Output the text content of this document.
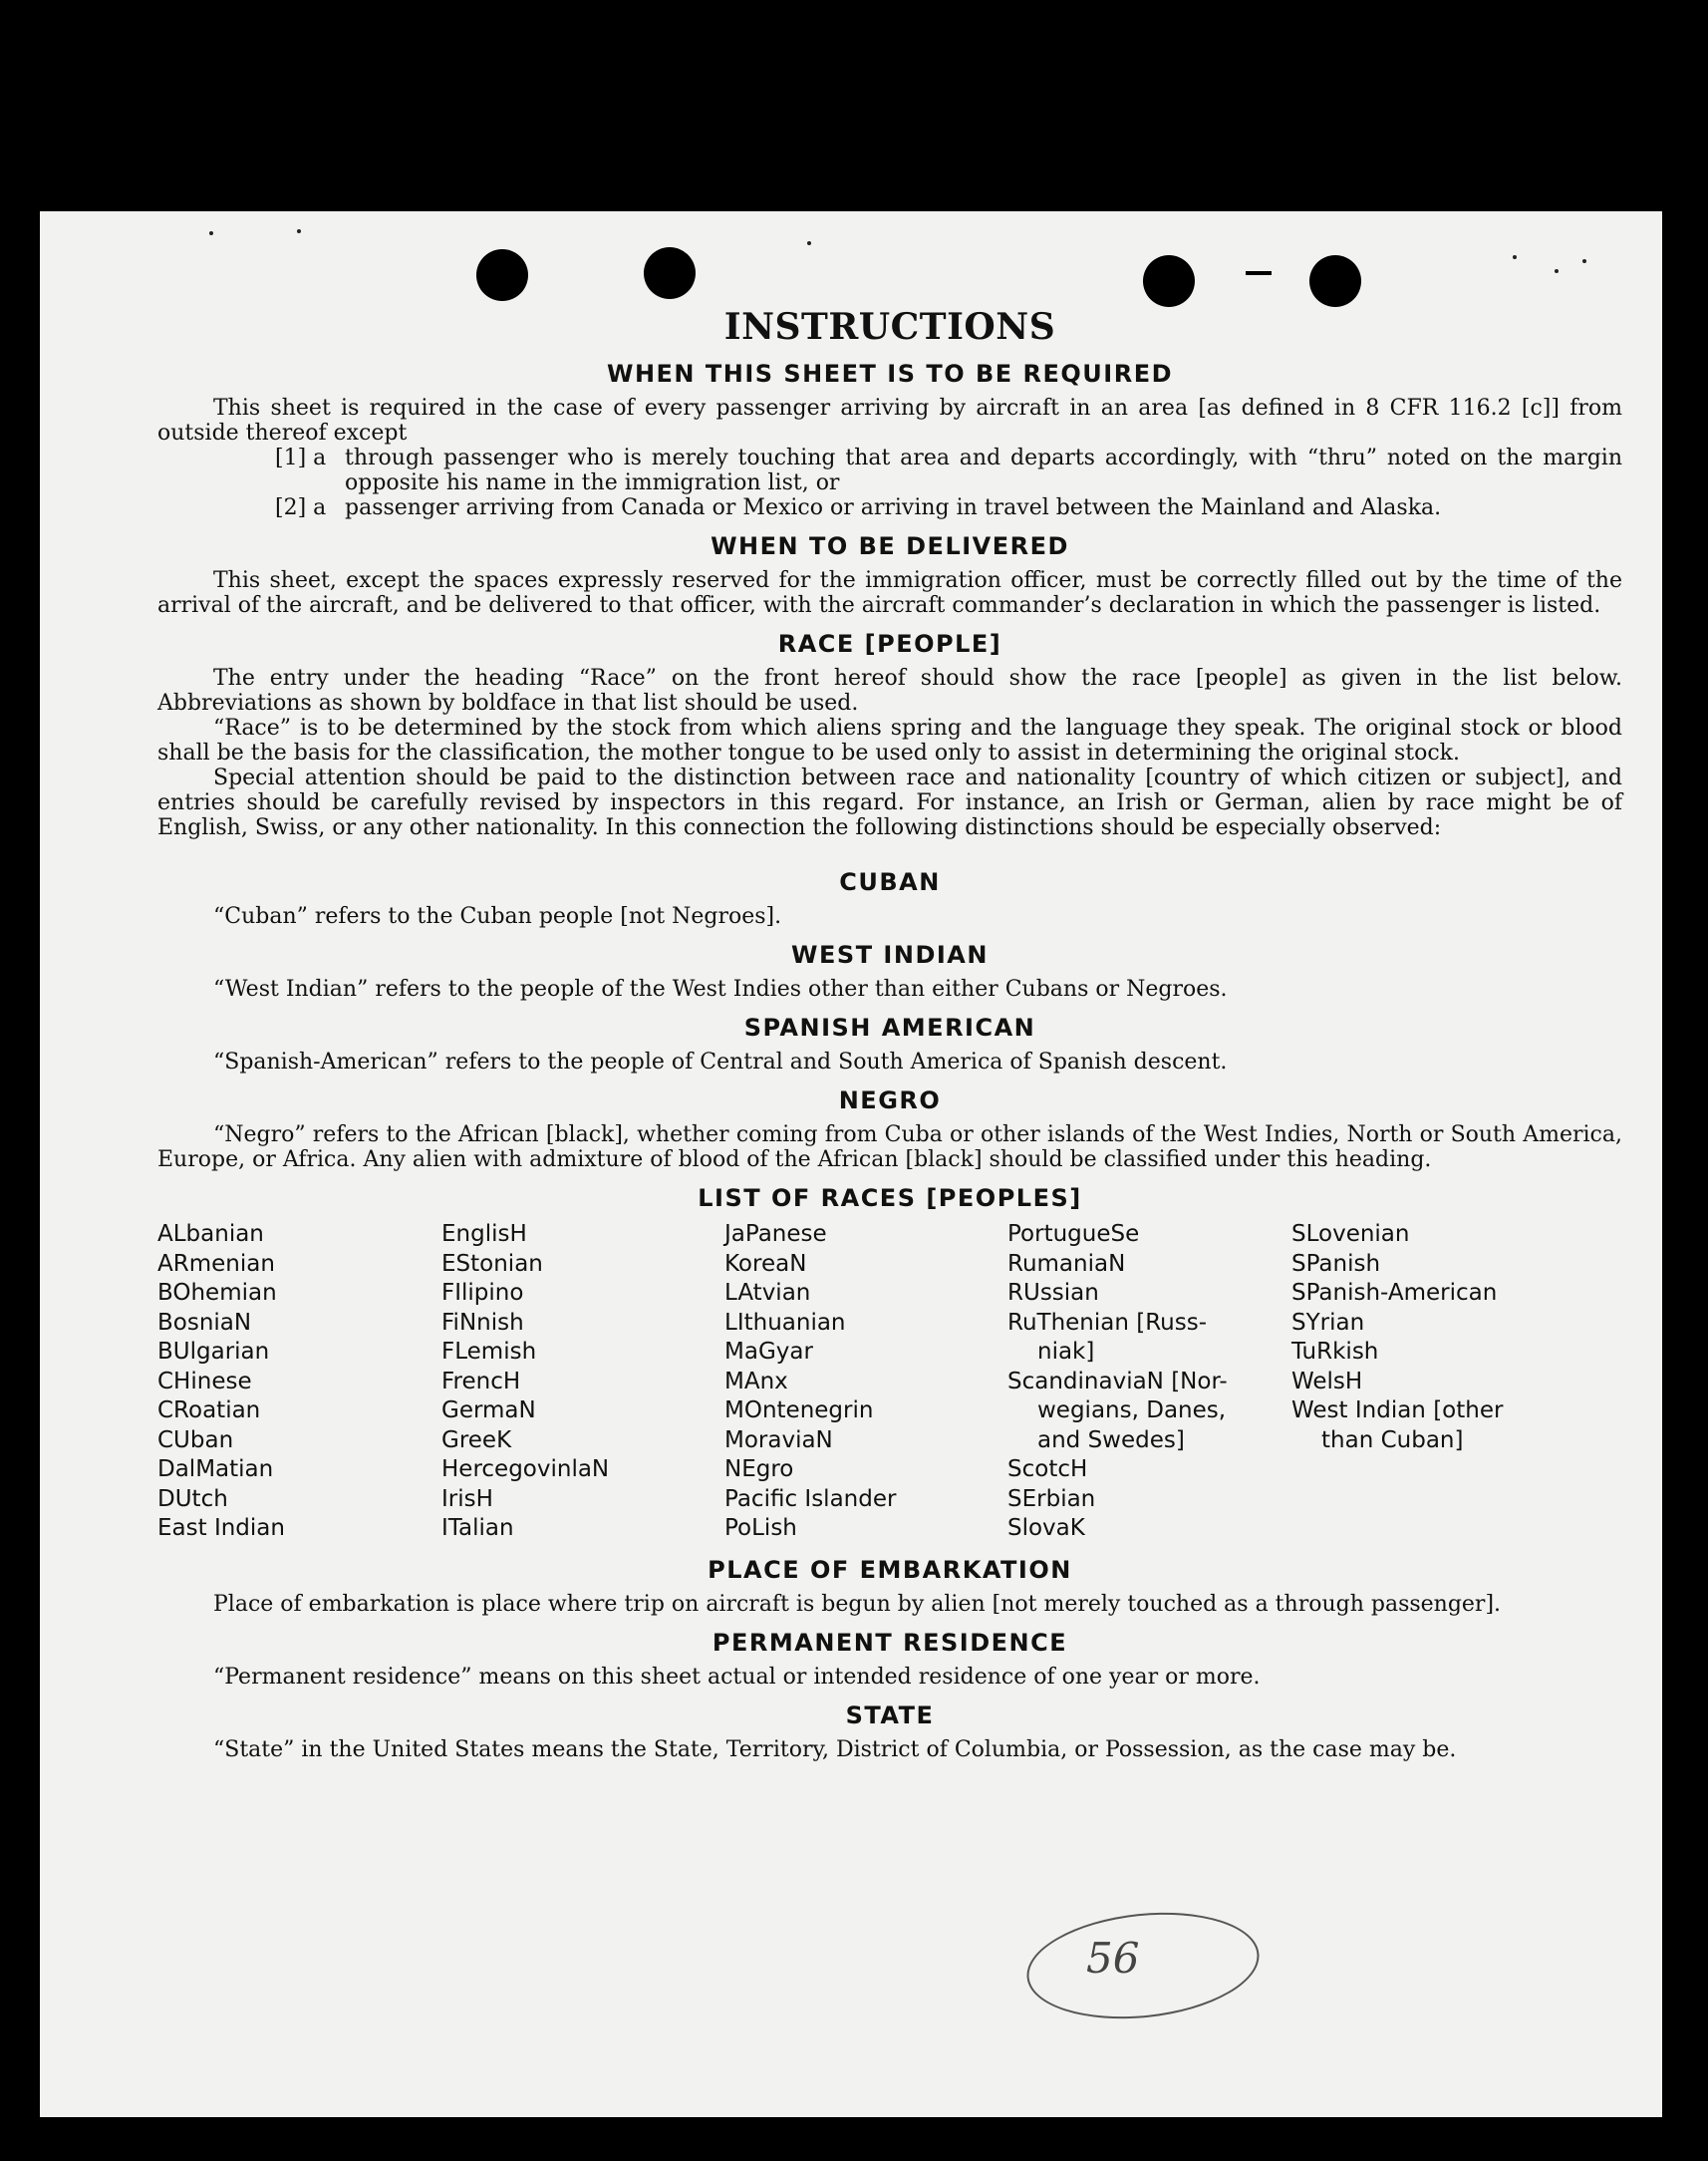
INSTRUCTIONS
WHEN THIS SHEET IS TO BE REQUIRED

This sheet is required in the case of every passenger arriving by aircraft in an area [as defined in 8 CFR 116.2 [c]] from outside thereof except

[1] a through passenger who is merely touching that area and departs accordingly, with “thru” noted on the margin opposite his name in the immigration list, or
[2] a passenger arriving from Canada or Mexico or arriving in travel between the Mainland and Alaska.
WHEN TO BE DELIVERED

This sheet, except the spaces expressly reserved for the immigration officer, must be correctly filled out by the time of the arrival of the aircraft, and be delivered to that officer, with the aircraft commander’s declaration in which the passenger is listed.

RACE [PEOPLE]

The entry under the heading “Race” on the front hereof should show the race [people] as given in the list below. Abbreviations as shown by boldface in that list should be used.

“Race” is to be determined by the stock from which aliens spring and the language they speak. The original stock or blood shall be the basis for the classification, the mother tongue to be used only to assist in determining the original stock.

Special attention should be paid to the distinction between race and nationality [country of which citizen or subject], and entries should be carefully revised by inspectors in this regard. For instance, an Irish or German, alien by race might be of English, Swiss, or any other nationality. In this connection the following distinctions should be especially observed:

CUBAN

“Cuban” refers to the Cuban people [not Negroes].

WEST INDIAN

“West Indian” refers to the people of the West Indies other than either Cubans or Negroes.

SPANISH AMERICAN

“Spanish-American” refers to the people of Central and South America of Spanish descent.

NEGRO

“Negro” refers to the African [black], whether coming from Cuba or other islands of the West Indies, North or South America, Europe, or Africa. Any alien with admixture of blood of the African [black] should be classified under this heading.

LIST OF RACES [PEOPLES]
ALbanian
ARmenian
BOhemian
BosniaN
BUlgarian
CHinese
CRoatian
CUban
DalMatian
DUtch
East Indian
EnglisH
EStonian
FIlipino
FiNnish
FLemish
FrencH
GermaN
GreeK
HercegovinlaN
IrisH
ITalian
JaPanese
KoreaN
LAtvian
LIthuanian
MaGyar
MAnx
MOntenegrin
MoraviaN
NEgro
Pacific Islander
PoLish
PortugueSe
RumaniaN
RUssian
RuThenian [Russ-
niak]
ScandinaviaN [Nor-
wegians, Danes,
and Swedes]
ScotcH
SErbian
SlovaK
SLovenian
SPanish
SPanish-American
SYrian
TuRkish
WelsH
West Indian [other
than Cuban]
PLACE OF EMBARKATION

Place of embarkation is place where trip on aircraft is begun by alien [not merely touched as a through passenger].

PERMANENT RESIDENCE

“Permanent residence” means on this sheet actual or intended residence of one year or more.

STATE

“State” in the United States means the State, Territory, District of Columbia, or Possession, as the case may be.

56
